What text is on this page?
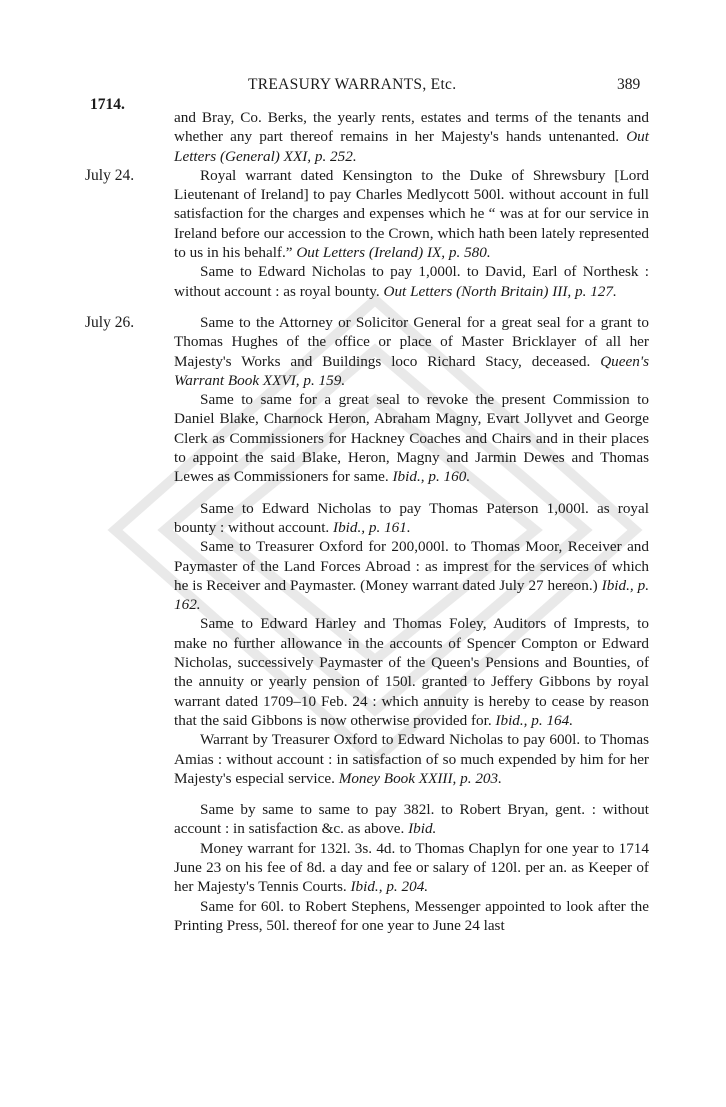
TREASURY WARRANTS, Etc.	389
1714.

and Bray, Co. Berks, the yearly rents, estates and terms of the tenants and whether any part thereof remains in her Majesty's hands untenanted. Out Letters (General) XXI, p. 252.

July 24.	Royal warrant dated Kensington to the Duke of Shrewsbury [Lord Lieutenant of Ireland] to pay Charles Medlycott 500l. without account in full satisfaction for the charges and expenses which he “ was at for our service in Ireland before our accession to the Crown, which hath been lately represented to us in his behalf.” Out Letters (Ireland) IX, p. 580.

Same to Edward Nicholas to pay 1,000l. to David, Earl of Northesk : without account : as royal bounty. Out Letters (North Britain) III, p. 127.

July 26.	Same to the Attorney or Solicitor General for a great seal for a grant to Thomas Hughes of the office or place of Master Bricklayer of all her Majesty's Works and Buildings loco Richard Stacy, deceased. Queen's Warrant Book XXVI, p. 159.

Same to same for a great seal to revoke the present Commission to Daniel Blake, Charnock Heron, Abraham Magny, Evart Jollyvet and George Clerk as Commissioners for Hackney Coaches and Chairs and in their places to appoint the said Blake, Heron, Magny and Jarmin Dewes and Thomas Lewes as Commissioners for same. Ibid., p. 160.

Same to Edward Nicholas to pay Thomas Paterson 1,000l. as royal bounty : without account. Ibid., p. 161.

Same to Treasurer Oxford for 200,000l. to Thomas Moor, Receiver and Paymaster of the Land Forces Abroad : as imprest for the services of which he is Receiver and Paymaster. (Money warrant dated July 27 hereon.) Ibid., p. 162.

Same to Edward Harley and Thomas Foley, Auditors of Imprests, to make no further allowance in the accounts of Spencer Compton or Edward Nicholas, successively Paymaster of the Queen's Pensions and Bounties, of the annuity or yearly pension of 150l. granted to Jeffery Gibbons by royal warrant dated 1709–10 Feb. 24 : which annuity is hereby to cease by reason that the said Gibbons is now otherwise provided for. Ibid., p. 164.

Warrant by Treasurer Oxford to Edward Nicholas to pay 600l. to Thomas Amias : without account : in satisfaction of so much expended by him for her Majesty's especial service. Money Book XXIII, p. 203.

Same by same to same to pay 382l. to Robert Bryan, gent. : without account : in satisfaction &c. as above. Ibid.

Money warrant for 132l. 3s. 4d. to Thomas Chaplyn for one year to 1714 June 23 on his fee of 8d. a day and fee or salary of 120l. per an. as Keeper of her Majesty's Tennis Courts. Ibid., p. 204.

Same for 60l. to Robert Stephens, Messenger appointed to look after the Printing Press, 50l. thereof for one year to June 24 last
